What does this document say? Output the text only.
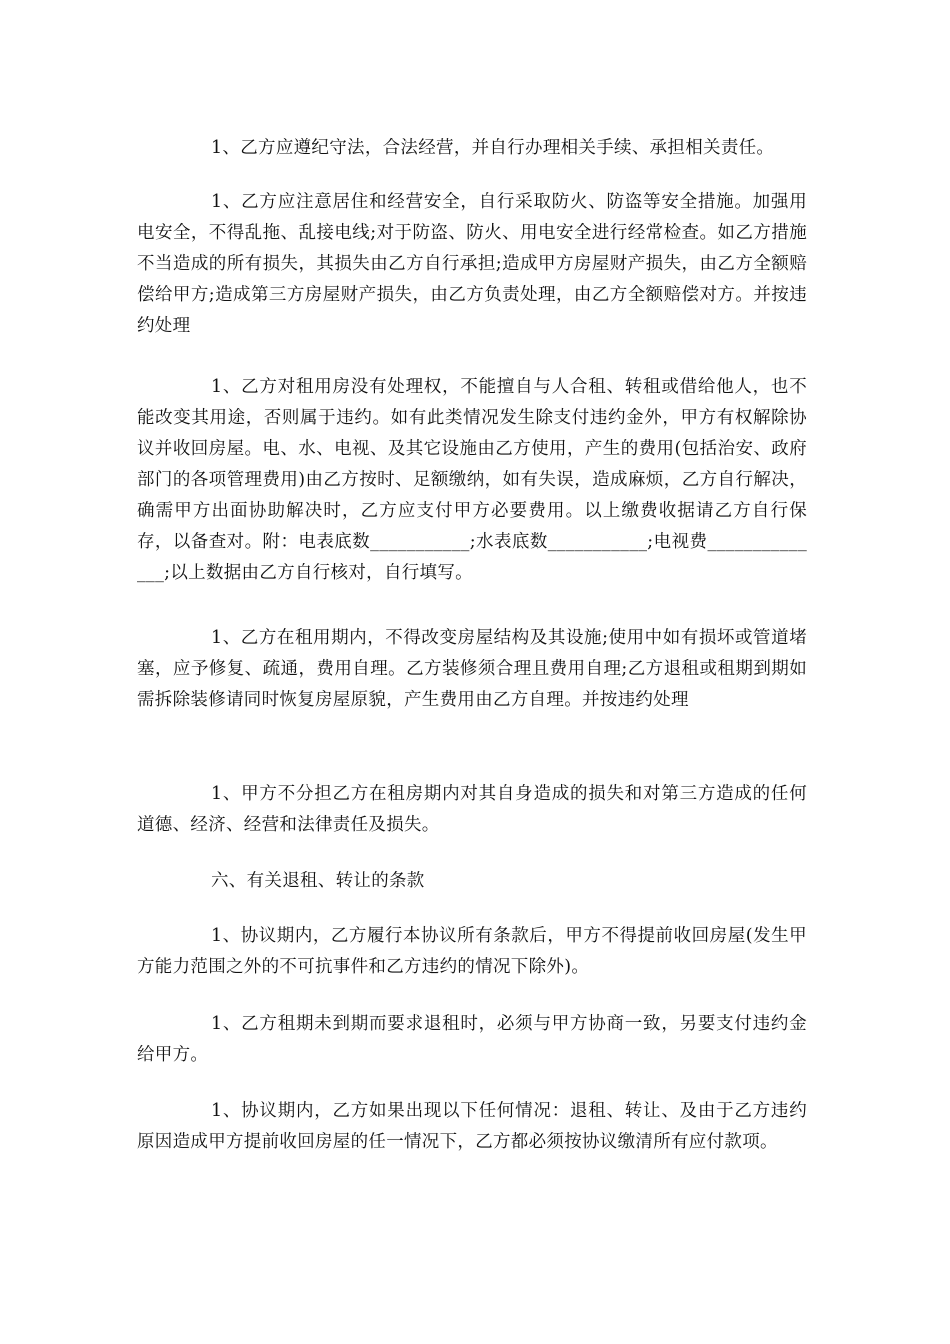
1、乙方应遵纪守法，合法经营，并自行办理相关手续、承担相关责任。

1、乙方应注意居住和经营安全，自行采取防火、防盗等安全措施。加强用电安全，不得乱拖、乱接电线;对于防盗、防火、用电安全进行经常检查。如乙方措施不当造成的所有损失，其损失由乙方自行承担;造成甲方房屋财产损失，由乙方全额赔偿给甲方;造成第三方房屋财产损失，由乙方负责处理，由乙方全额赔偿对方。并按违约处理

1、乙方对租用房没有处理权，不能擅自与人合租、转租或借给他人，也不能改变其用途，否则属于违约。如有此类情况发生除支付违约金外，甲方有权解除协议并收回房屋。电、水、电视、及其它设施由乙方使用，产生的费用(包括治安、政府部门的各项管理费用)由乙方按时、足额缴纳，如有失误，造成麻烦，乙方自行解决，确需甲方出面协助解决时，乙方应支付甲方必要费用。以上缴费收据请乙方自行保存，以备查对。附：电表底数___________;水表底数___________;电视费______________;以上数据由乙方自行核对，自行填写。

1、乙方在租用期内，不得改变房屋结构及其设施;使用中如有损坏或管道堵塞，应予修复、疏通，费用自理。乙方装修须合理且费用自理;乙方退租或租期到期如需拆除装修请同时恢复房屋原貌，产生费用由乙方自理。并按违约处理

1、甲方不分担乙方在租房期内对其自身造成的损失和对第三方造成的任何道德、经济、经营和法律责任及损失。

六、有关退租、转让的条款

1、协议期内，乙方履行本协议所有条款后，甲方不得提前收回房屋(发生甲方能力范围之外的不可抗事件和乙方违约的情况下除外)。

1、乙方租期未到期而要求退租时，必须与甲方协商一致，另要支付违约金给甲方。

1、协议期内，乙方如果出现以下任何情况：退租、转让、及由于乙方违约原因造成甲方提前收回房屋的任一情况下，乙方都必须按协议缴清所有应付款项。
